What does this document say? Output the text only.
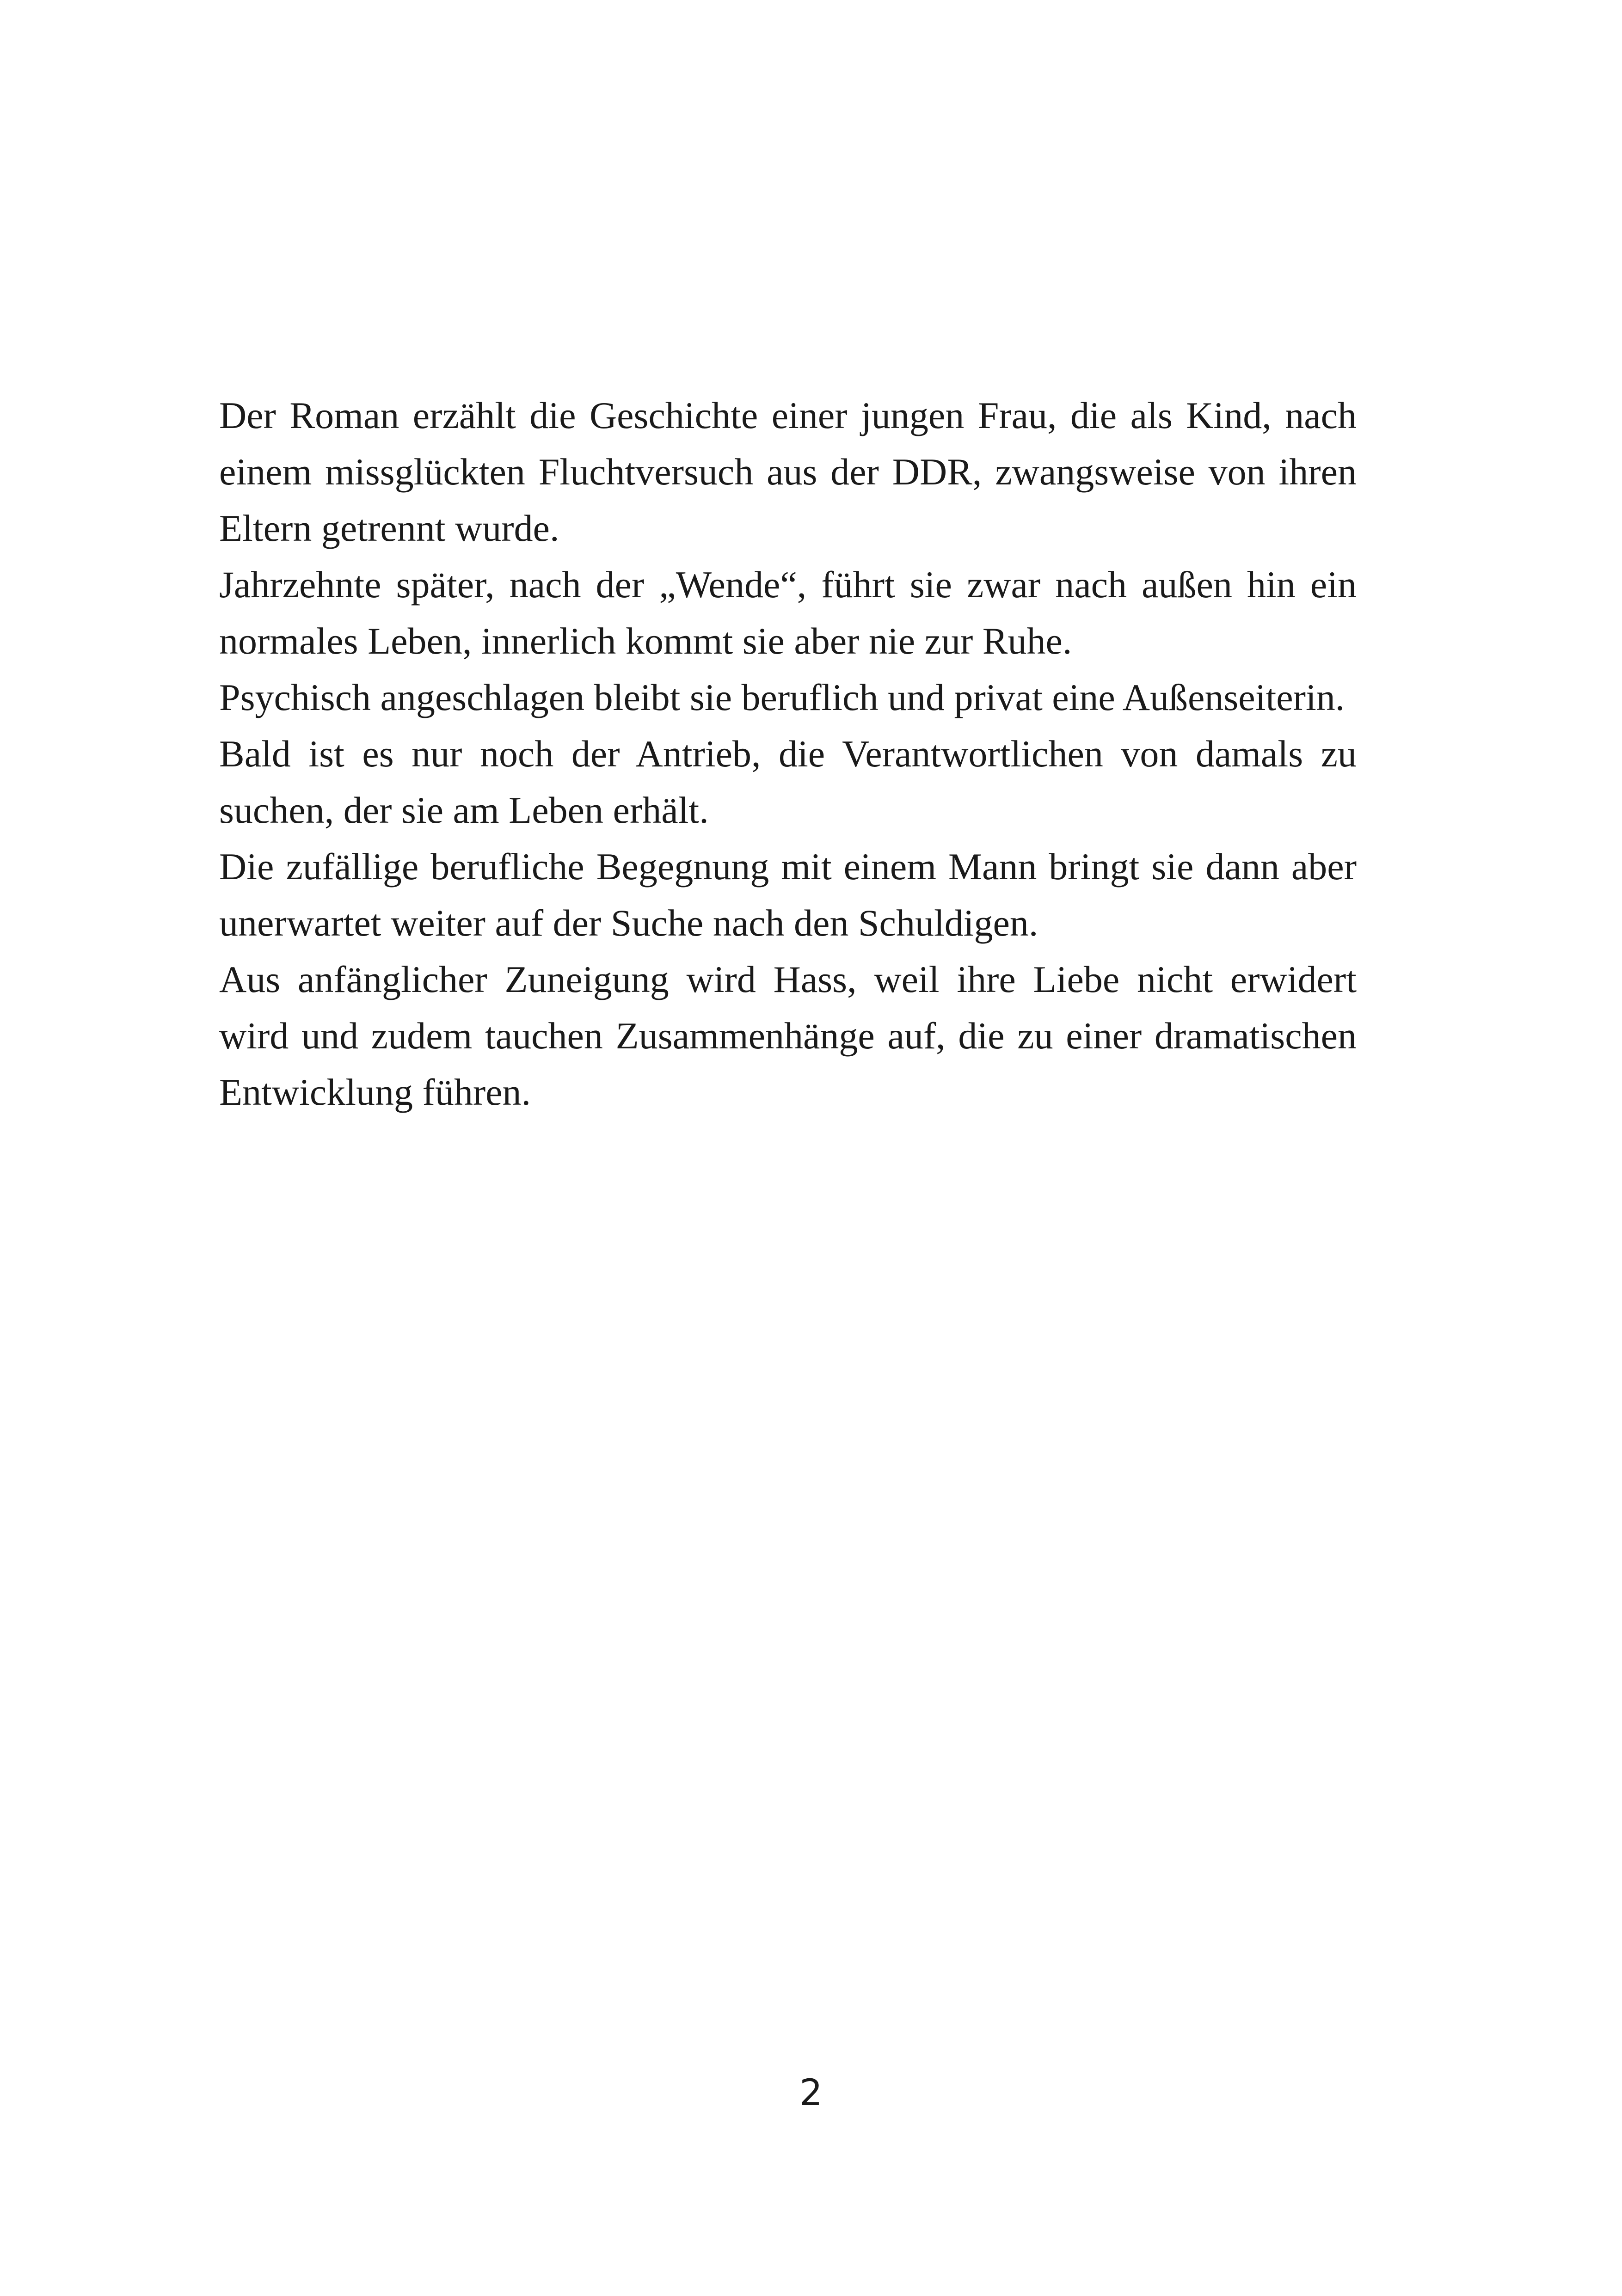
Der Roman erzählt die Geschichte einer jungen Frau, die als Kind, nach einem missglückten Fluchtversuch aus der DDR, zwangsweise von ihren Eltern getrennt wurde.

Jahrzehnte später, nach der „Wende“, führt sie zwar nach außen hin ein normales Leben, innerlich kommt sie aber nie zur Ruhe.

Psychisch angeschlagen bleibt sie beruflich und privat eine Außenseiterin.

Bald ist es nur noch der Antrieb, die Verantwortlichen von damals zu suchen, der sie am Leben erhält.

Die zufällige berufliche Begegnung mit einem Mann bringt sie dann aber unerwartet weiter auf der Suche nach den Schuldigen.

Aus anfänglicher Zuneigung wird Hass, weil ihre Liebe nicht erwidert wird und zudem tauchen Zusammenhänge auf, die zu einer dramatischen Entwicklung führen.

2
